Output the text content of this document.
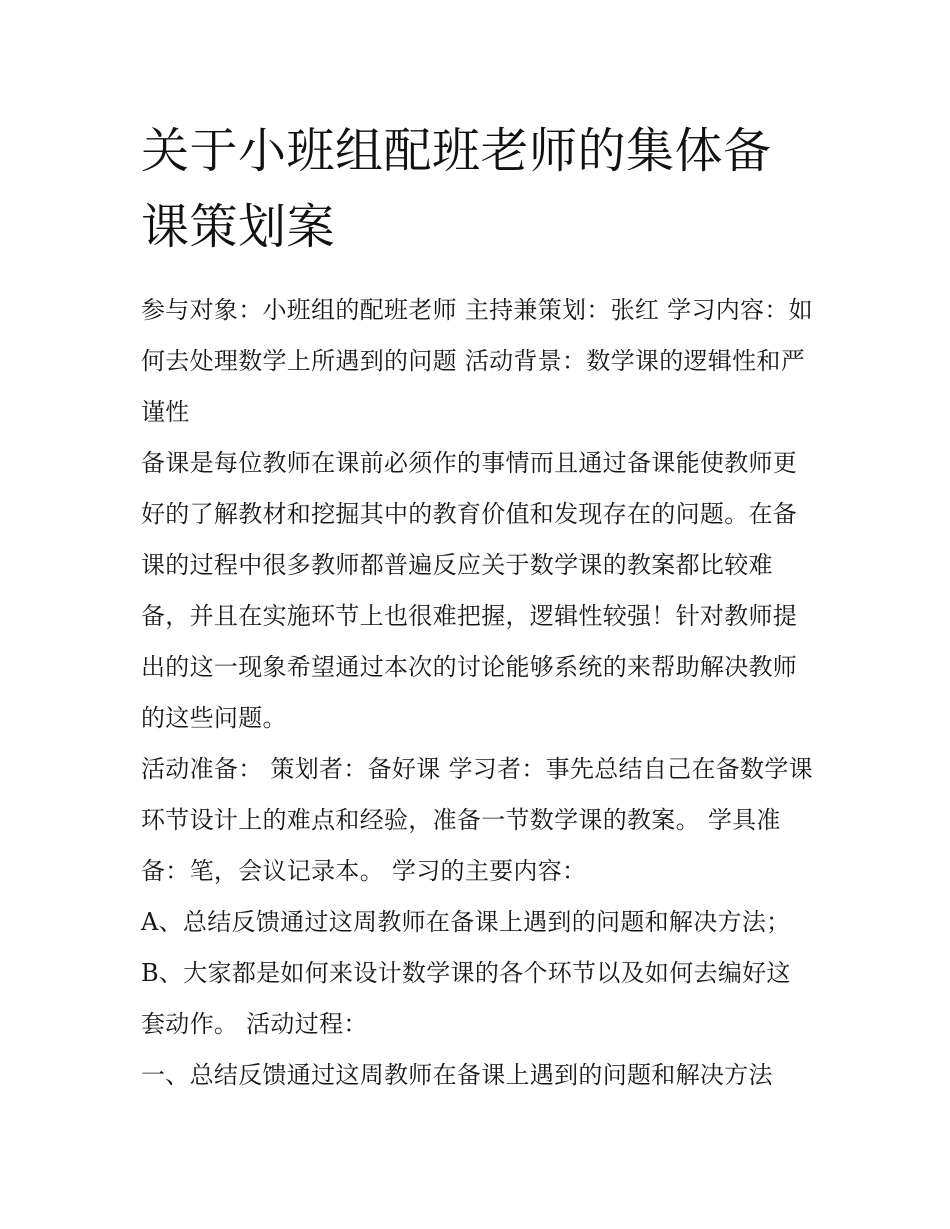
关于小班组配班老师的集体备课策划案

参与对象：小班组的配班老师 主持兼策划：张红 学习内容：如何去处理数学上所遇到的问题 活动背景：数学课的逻辑性和严谨性

备课是每位教师在课前必须作的事情而且通过备课能使教师更好的了解教材和挖掘其中的教育价值和发现存在的问题。在备课的过程中很多教师都普遍反应关于数学课的教案都比较难备，并且在实施环节上也很难把握，逻辑性较强！针对教师提出的这一现象希望通过本次的讨论能够系统的来帮助解决教师的这些问题。

活动准备： 策划者：备好课 学习者：事先总结自己在备数学课环节设计上的难点和经验，准备一节数学课的教案。 学具准备：笔，会议记录本。 学习的主要内容：

A、总结反馈通过这周教师在备课上遇到的问题和解决方法；

B、大家都是如何来设计数学课的各个环节以及如何去编好这套动作。 活动过程：

一、总结反馈通过这周教师在备课上遇到的问题和解决方法
